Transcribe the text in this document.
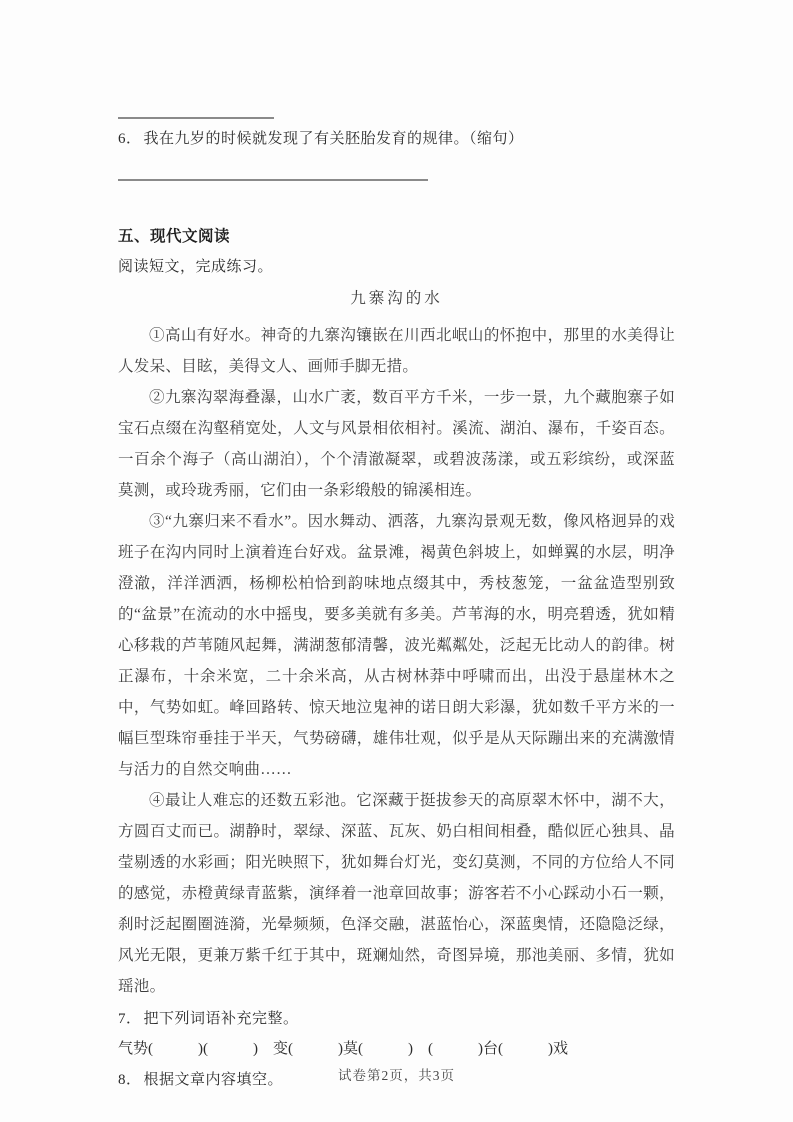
6． 我在九岁的时候就发现了有关胚胎发育的规律。（缩句）

五、现代文阅读

阅读短文，完成练习。

九寨沟的水

①高山有好水。神奇的九寨沟镶嵌在川西北岷山的怀抱中，那里的水美得让人发呆、目眩，美得文人、画师手脚无措。

②九寨沟翠海叠瀑，山水广袤，数百平方千米，一步一景，九个藏胞寨子如宝石点缀在沟壑稍宽处，人文与风景相依相衬。溪流、湖泊、瀑布，千姿百态。一百余个海子（高山湖泊），个个清澈凝翠，或碧波荡漾，或五彩缤纷，或深蓝莫测，或玲珑秀丽，它们由一条彩缎般的锦溪相连。

③“九寨归来不看水”。因水舞动、洒落，九寨沟景观无数，像风格迥异的戏班子在沟内同时上演着连台好戏。盆景滩，褐黄色斜坡上，如蝉翼的水层，明净澄澈，洋洋洒洒，杨柳松柏恰到韵味地点缀其中，秀枝葱笼，一盆盆造型别致的“盆景”在流动的水中摇曳，要多美就有多美。芦苇海的水，明亮碧透，犹如精心移栽的芦苇随风起舞，满湖葱郁清馨，波光粼粼处，泛起无比动人的韵律。树正瀑布，十余米宽，二十余米高，从古树林莽中呼啸而出，出没于悬崖林木之中，气势如虹。峰回路转、惊天地泣鬼神的诺日朗大彩瀑，犹如数千平方米的一幅巨型珠帘垂挂于半天，气势磅礴，雄伟壮观，似乎是从天际蹦出来的充满激情与活力的自然交响曲……

④最让人难忘的还数五彩池。它深藏于挺拔参天的高原翠木怀中，湖不大，方圆百丈而已。湖静时，翠绿、深蓝、瓦灰、奶白相间相叠，酷似匠心独具、晶莹剔透的水彩画；阳光映照下，犹如舞台灯光，变幻莫测，不同的方位给人不同的感觉，赤橙黄绿青蓝紫，演绎着一池章回故事；游客若不小心踩动小石一颗，刹时泛起圈圈涟漪，光晕频频，色泽交融，湛蓝怡心，深蓝奥情，还隐隐泛绿，风光无限，更兼万紫千红于其中，斑斓灿然，奇图异境，那池美丽、多情，犹如瑶池。

7． 把下列词语补充完整。

气势(　　　)(　　　)　变(　　　)莫(　　　)　(　　　)台(　　　)戏

8． 根据文章内容填空。	试卷第2页，共3页
